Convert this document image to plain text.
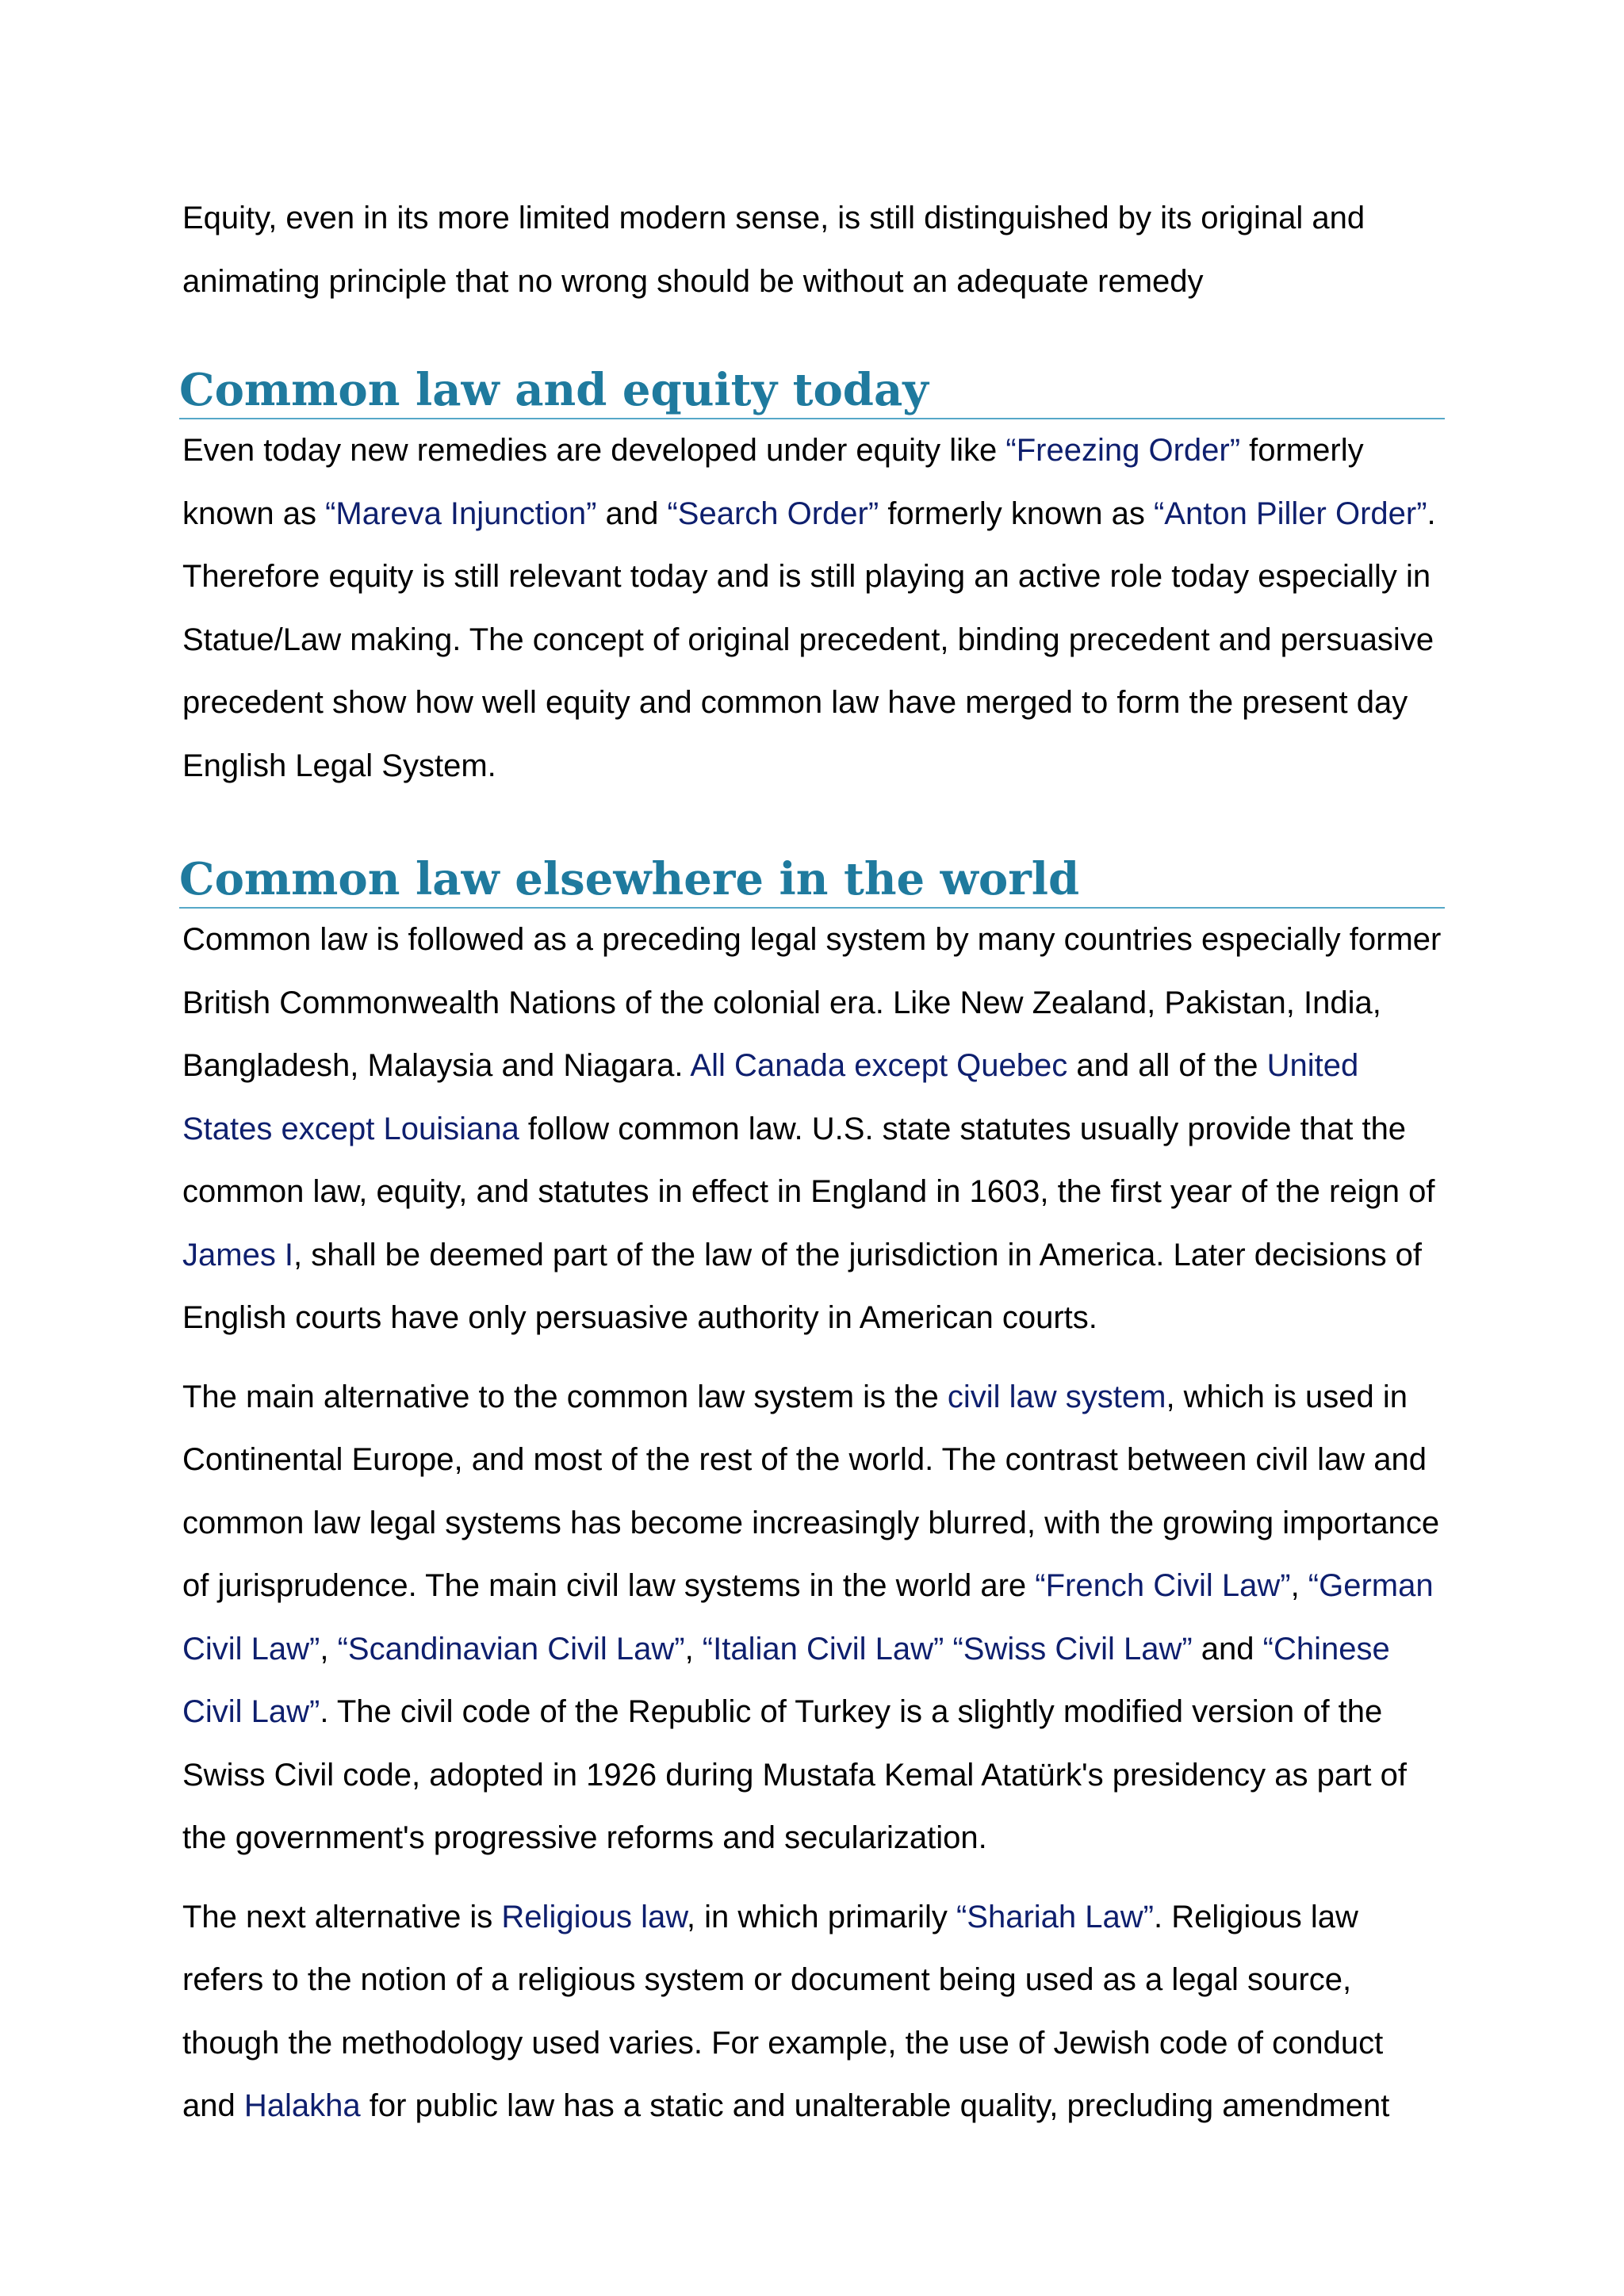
Equity, even in its more limited modern sense, is still distinguished by its original and animating principle that no wrong should be without an adequate remedy

Common law and equity today

Even today new remedies are developed under equity like “Freezing Order” formerly known as “Mareva Injunction” and “Search Order” formerly known as “Anton Piller Order”. Therefore equity is still relevant today and is still playing an active role today especially in Statue/Law making. The concept of original precedent, binding precedent and persuasive precedent show how well equity and common law have merged to form the present day English Legal System.

Common law elsewhere in the world

Common law is followed as a preceding legal system by many countries especially former British Commonwealth Nations of the colonial era. Like New Zealand, Pakistan, India, Bangladesh, Malaysia and Niagara. All Canada except Quebec and all of the United States except Louisiana follow common law. U.S. state statutes usually provide that the common law, equity, and statutes in effect in England in 1603, the first year of the reign of James I, shall be deemed part of the law of the jurisdiction in America. Later decisions of English courts have only persuasive authority in American courts.

The main alternative to the common law system is the civil law system, which is used in Continental Europe, and most of the rest of the world. The contrast between civil law and common law legal systems has become increasingly blurred, with the growing importance of jurisprudence. The main civil law systems in the world are “French Civil Law”, “German Civil Law”, “Scandinavian Civil Law”, “Italian Civil Law” “Swiss Civil Law” and “Chinese Civil Law”. The civil code of the Republic of Turkey is a slightly modified version of the Swiss Civil code, adopted in 1926 during Mustafa Kemal Atatürk's presidency as part of the government's progressive reforms and secularization.

The next alternative is Religious law, in which primarily “Shariah Law”. Religious law refers to the notion of a religious system or document being used as a legal source, though the methodology used varies. For example, the use of Jewish code of conduct and Halakha for public law has a static and unalterable quality, precluding amendment
